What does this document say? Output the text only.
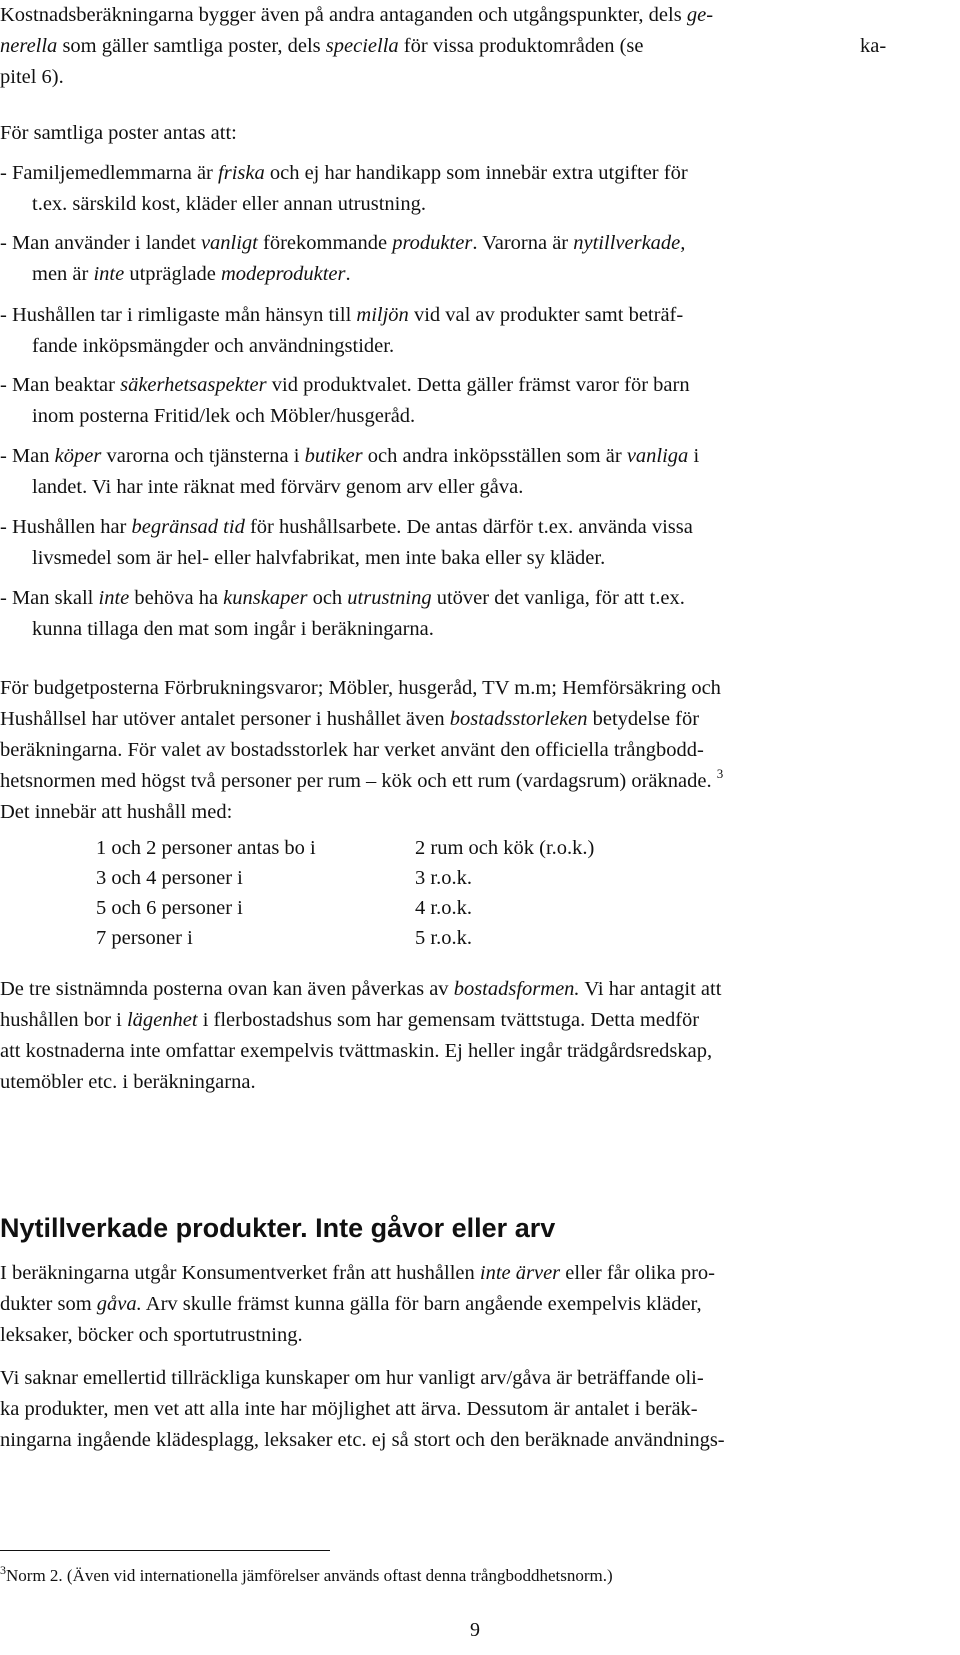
Kostnadsberäkningarna bygger även på andra antaganden och utgångspunkter, dels ge-
nerella som gäller samtliga poster, dels speciella för vissa produktområden (se	ka-
pitel 6).
För samtliga poster antas att:
- Familjemedlemmarna är friska och ej har handikapp som innebär extra utgifter för
t.ex. särskild kost, kläder eller annan utrustning.
- Man använder i landet vanligt förekommande produkter. Varorna är nytillverkade,
men är inte utpräglade modeprodukter.
- Hushållen tar i rimligaste mån hänsyn till miljön vid val av produkter samt beträf-
fande inköpsmängder och användningstider.
- Man beaktar säkerhetsaspekter vid produktvalet. Detta gäller främst varor för barn
inom posterna Fritid/lek och Möbler/husgeråd.
- Man köper varorna och tjänsterna i butiker och andra inköpsställen som är vanliga i
landet. Vi har inte räknat med förvärv genom arv eller gåva.
- Hushållen har begränsad tid för hushållsarbete. De antas därför t.ex. använda vissa
livsmedel som är hel- eller halvfabrikat, men inte baka eller sy kläder.
- Man skall inte behöva ha kunskaper och utrustning utöver det vanliga, för att t.ex.
kunna tillaga den mat som ingår i beräkningarna.
För budgetposterna Förbrukningsvaror; Möbler, husgeråd, TV m.m; Hemförsäkring och
Hushållsel har utöver antalet personer i hushållet även bostadsstorleken betydelse för
beräkningarna. För valet av bostadsstorlek har verket använt den officiella trångbodd-
hetsnormen med högst två personer per rum – kök och ett rum (vardagsrum) oräknade. $^3$
Det innebär att hushåll med:
1 och 2 personer antas bo i	2 rum och kök (r.o.k.)
3 och 4 personer i	3 r.o.k.
5 och 6 personer i	4 r.o.k.
7 personer i	5 r.o.k.
De tre sistnämnda posterna ovan kan även påverkas av bostadsformen. Vi har antagit att
hushållen bor i lägenhet i flerbostadshus som har gemensam tvättstuga. Detta medför
att kostnaderna inte omfattar exempelvis tvättmaskin. Ej heller ingår trädgårdsredskap,
utemöbler etc. i beräkningarna.
Nytillverkade produkter. Inte gåvor eller arv
I beräkningarna utgår Konsumentverket från att hushållen inte ärver eller får olika pro-
dukter som gåva. Arv skulle främst kunna gälla för barn angående exempelvis kläder,
leksaker, böcker och sportutrustning.
Vi saknar emellertid tillräckliga kunskaper om hur vanligt arv/gåva är beträffande oli-
ka produkter, men vet att alla inte har möjlighet att ärva. Dessutom är antalet i beräk-
ningarna ingående klädesplagg, leksaker etc. ej så stort och den beräknade användnings-
$^3$Norm 2. (Även vid internationella jämförelser används oftast denna trångboddhetsnorm.)
9
